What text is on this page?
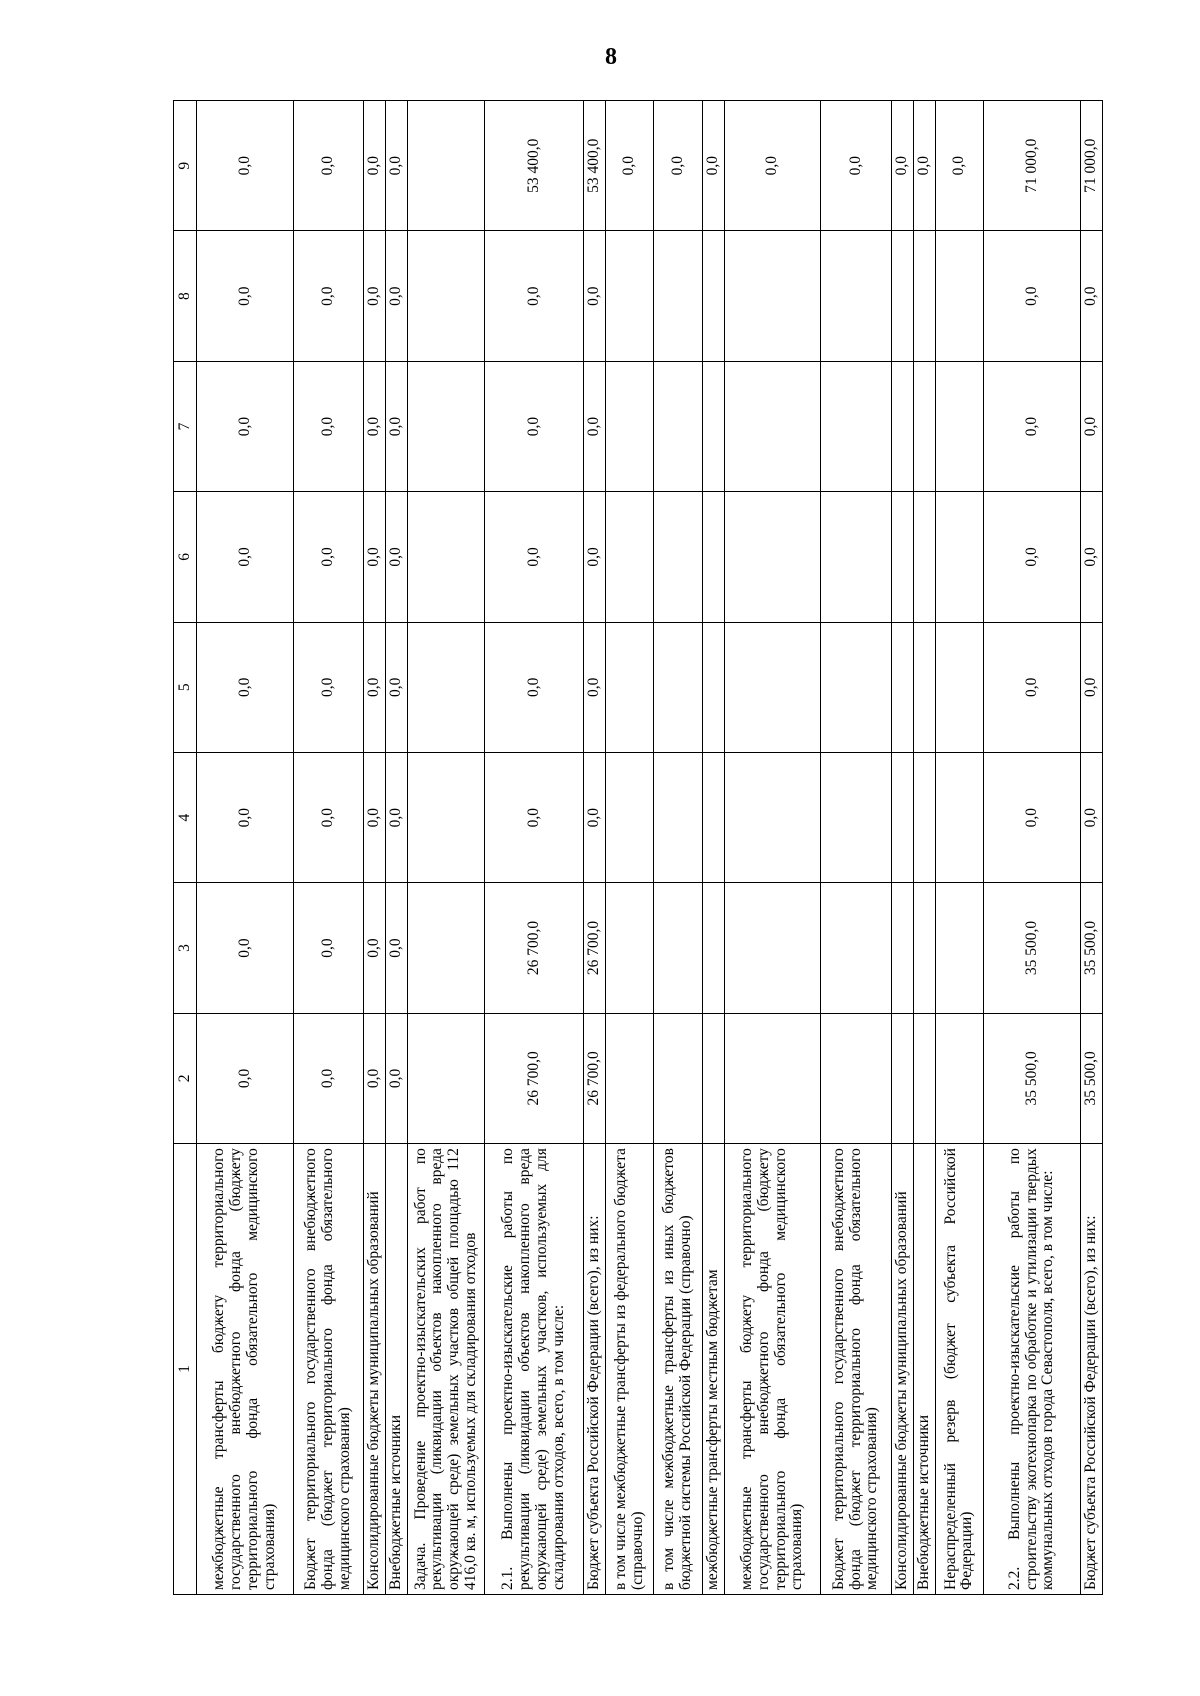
8
1	2	3	4	5	6	7	8	9
межбюджетные трансферты бюджету территориального государственного внебюджетного фонда (бюджету территориального фонда обязательного медицинского страхования)	0,0	0,0	0,0	0,0	0,0	0,0	0,0	0,0
Бюджет территориального государственного внебюджетного фонда (бюджет территориального фонда обязательного медицинского страхования)	0,0	0,0	0,0	0,0	0,0	0,0	0,0	0,0
Консолидированные бюджеты муниципальных образований	0,0	0,0	0,0	0,0	0,0	0,0	0,0	0,0
Внебюджетные источники	0,0	0,0	0,0	0,0	0,0	0,0	0,0	0,0
Задача. Проведение проектно-изыскательских работ по рекультивации (ликвидации объектов накопленного вреда окружающей среде) земельных участков общей площадью 112 416,0 кв. м, используемых для складирования отходов								
2.1. Выполнены проектно-изыскательские работы по рекультивации (ликвидации объектов накопленного вреда окружающей среде) земельных участков, используемых для складирования отходов, всего, в том числе:	26 700,0	26 700,0	0,0	0,0	0,0	0,0	0,0	53 400,0
Бюджет субъекта Российской Федерации (всего), из них:	26 700,0	26 700,0	0,0	0,0	0,0	0,0	0,0	53 400,0
в том числе межбюджетные трансферты из федерального бюджета (справочно)								0,0
в том числе межбюджетные трансферты из иных бюджетов бюджетной системы Российской Федерации (справочно)								0,0
межбюджетные трансферты местным бюджетам								0,0
межбюджетные трансферты бюджету территориального государственного внебюджетного фонда (бюджету территориального фонда обязательного медицинского страхования)								0,0
Бюджет территориального государственного внебюджетного фонда (бюджет территориального фонда обязательного медицинского страхования)								0,0
Консолидированные бюджеты муниципальных образований								0,0
Внебюджетные источники								0,0
Нераспределенный резерв (бюджет субъекта Российской Федерации)								0,0
2.2. Выполнены проектно-изыскательские работы по строительству экотехнопарка по обработке и утилизации твердых коммунальных отходов города Севастополя, всего, в том числе:	35 500,0	35 500,0	0,0	0,0	0,0	0,0	0,0	71 000,0
Бюджет субъекта Российской Федерации (всего), из них:	35 500,0	35 500,0	0,0	0,0	0,0	0,0	0,0	71 000,0
